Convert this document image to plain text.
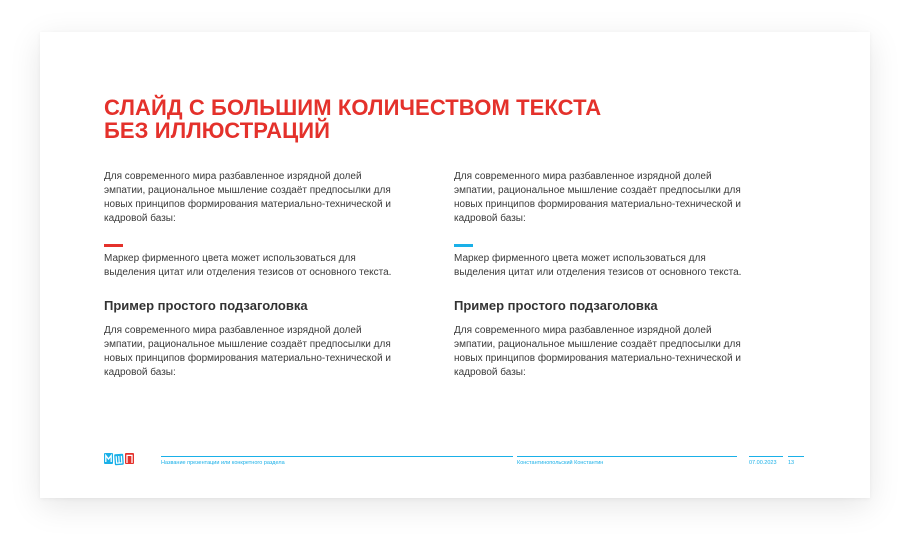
СЛАЙД С БОЛЬШИМ КОЛИЧЕСТВОМ ТЕКСТА
БЕЗ ИЛЛЮСТРАЦИЙ

Для современного мира разбавленное изрядной долей эмпатии, рациональное мышление создаёт предпосылки для новых принципов формирования материально-технической и кадровой базы:

Маркер фирменного цвета может использоваться для выделения цитат или отделения тезисов от основного текста.

Пример простого подзаголовка

Для современного мира разбавленное изрядной долей эмпатии, рациональное мышление создаёт предпосылки для новых принципов формирования материально-технической и кадровой базы:

Для современного мира разбавленное изрядной долей эмпатии, рациональное мышление создаёт предпосылки для новых принципов формирования материально-технической и кадровой базы:

Маркер фирменного цвета может использоваться для выделения цитат или отделения тезисов от основного текста.

Пример простого подзаголовка

Для современного мира разбавленное изрядной долей эмпатии, рациональное мышление создаёт предпосылки для новых принципов формирования материально-технической и кадровой базы:

Название презентации или конкретного раздела	Константинопольский Константин	07.00.2023	13
